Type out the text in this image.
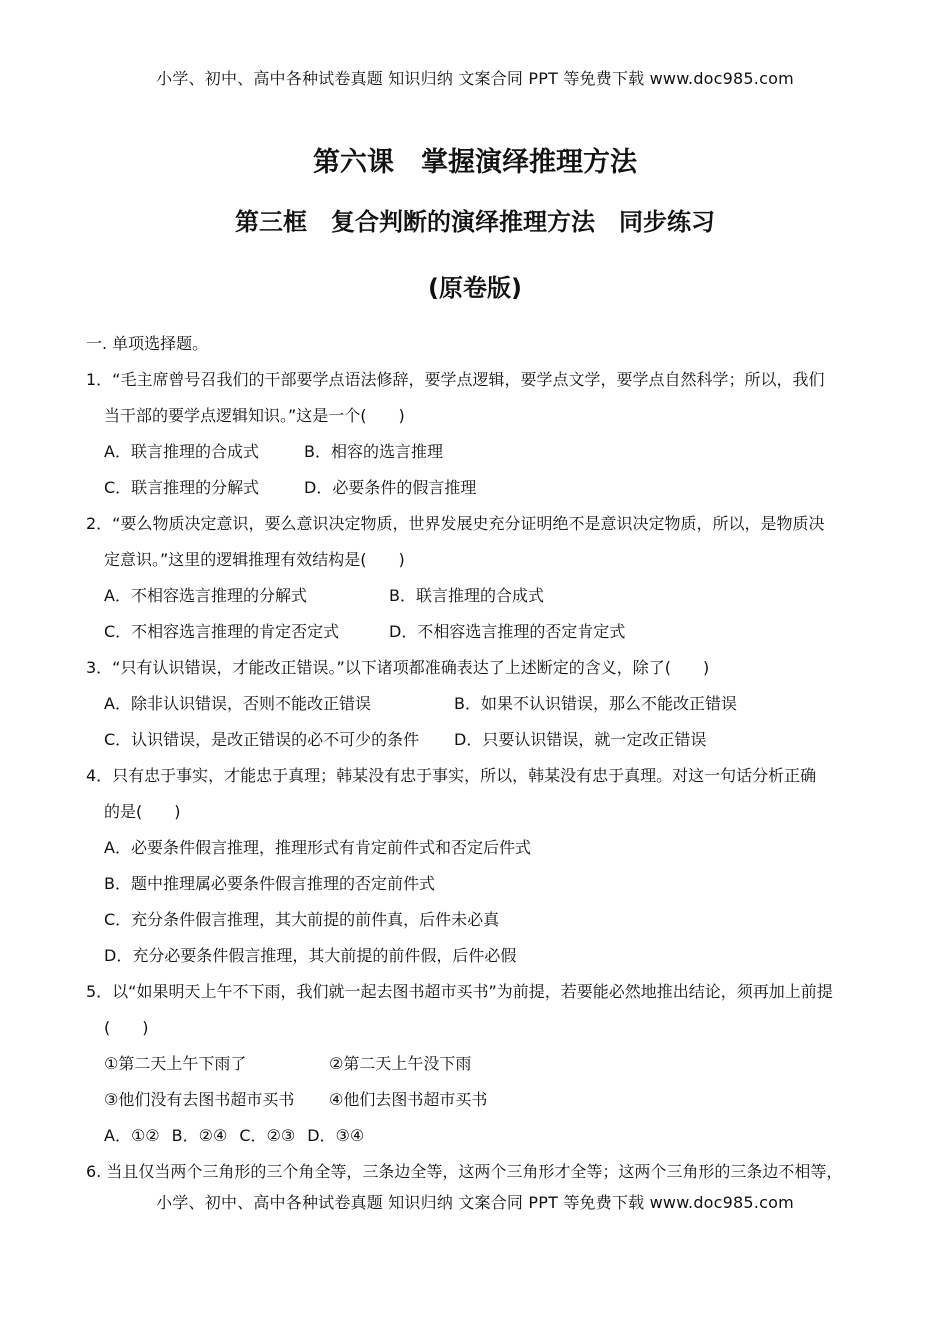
小学、初中、高中各种试卷真题 知识归纳 文案合同 PPT 等免费下载 www.doc985.com
第六课　掌握演绎推理方法
第三框　复合判断的演绎推理方法　同步练习
(原卷版)
一. 单项选择题。
1．“毛主席曾号召我们的干部要学点语法修辞，要学点逻辑，要学点文学，要学点自然科学；所以，我们
当干部的要学点逻辑知识。”这是一个(　　)
A．联言推理的合成式	B．相容的选言推理
C．联言推理的分解式	D．必要条件的假言推理
2．“要么物质决定意识，要么意识决定物质，世界发展史充分证明绝不是意识决定物质，所以，是物质决
定意识。”这里的逻辑推理有效结构是(　　)
A．不相容选言推理的分解式	B．联言推理的合成式
C．不相容选言推理的肯定否定式	D．不相容选言推理的否定肯定式
3．“只有认识错误，才能改正错误。”以下诸项都准确表达了上述断定的含义，除了(　　)
A．除非认识错误，否则不能改正错误	B．如果不认识错误，那么不能改正错误
C．认识错误，是改正错误的必不可少的条件 D．只要认识错误，就一定改正错误
4．只有忠于事实，才能忠于真理；韩某没有忠于事实，所以，韩某没有忠于真理。对这一句话分析正确
的是(　　)
A．必要条件假言推理，推理形式有肯定前件式和否定后件式
B．题中推理属必要条件假言推理的否定前件式
C．充分条件假言推理，其大前提的前件真，后件未必真
D．充分必要条件假言推理，其大前提的前件假，后件必假
5．以“如果明天上午不下雨，我们就一起去图书超市买书”为前提，若要能必然地推出结论，须再加上前提
(　　)
①第二天上午下雨了	②第二天上午没下雨
③他们没有去图书超市买书 ④他们去图书超市买书
A．①② B．②④ C．②③ D．③④
6. 当且仅当两个三角形的三个角全等，三条边全等，这两个三角形才全等；这两个三角形的三条边不相等，
小学、初中、高中各种试卷真题 知识归纳 文案合同 PPT 等免费下载 www.doc985.com
